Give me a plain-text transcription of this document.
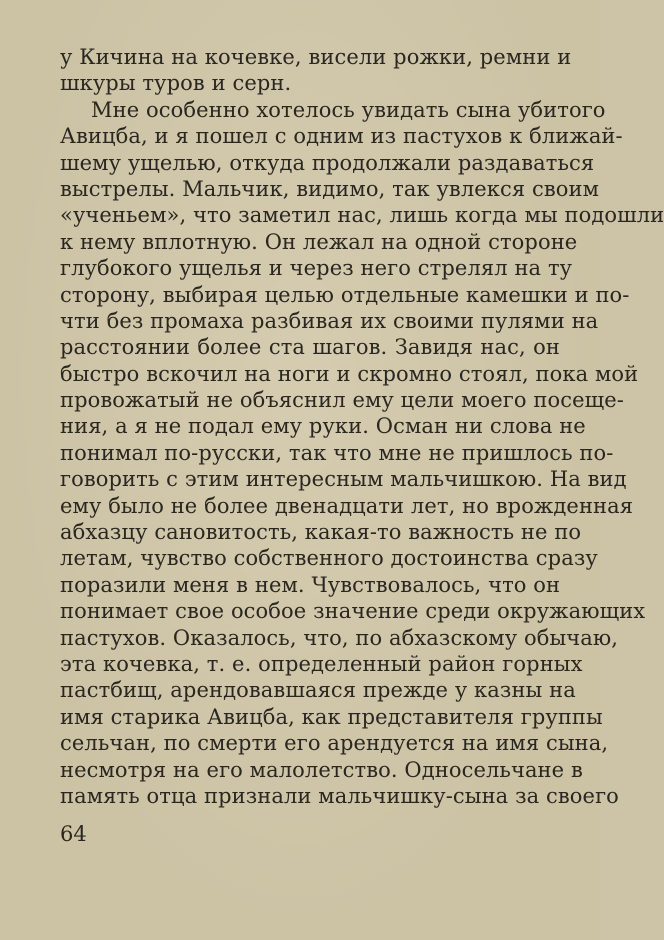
у Кичина на кочевке, висели рожки, ремни и
шкуры туров и серн.
Мне особенно хотелось увидать сына убитого
Авицба, и я пошел с одним из пастухов к ближай-
шему ущелью, откуда продолжали раздаваться
выстрелы. Мальчик, видимо, так увлекся своим
«ученьем», что заметил нас, лишь когда мы подошли
к нему вплотную. Он лежал на одной стороне
глубокого ущелья и через него стрелял на ту
сторону, выбирая целью отдельные камешки и по-
чти без промаха разбивая их своими пулями на
расстоянии более ста шагов. Завидя нас, он
быстро вскочил на ноги и скромно стоял, пока мой
провожатый не объяснил ему цели моего посеще-
ния, а я не подал ему руки. Осман ни слова не
понимал по-русски, так что мне не пришлось по-
говорить с этим интересным мальчишкою. На вид
ему было не более двенадцати лет, но врожденная
абхазцу сановитость, какая-то важность не по
летам, чувство собственного достоинства сразу
поразили меня в нем. Чувствовалось, что он
понимает свое особое значение среди окружающих
пастухов. Оказалось, что, по абхазскому обычаю,
эта кочевка, т. е. определенный район горных
пастбищ, арендовавшаяся прежде у казны на
имя старика Авицба, как представителя группы
сельчан, по смерти его арендуется на имя сына,
несмотря на его малолетство. Односельчане в
память отца признали мальчишку-сына за своего
64
